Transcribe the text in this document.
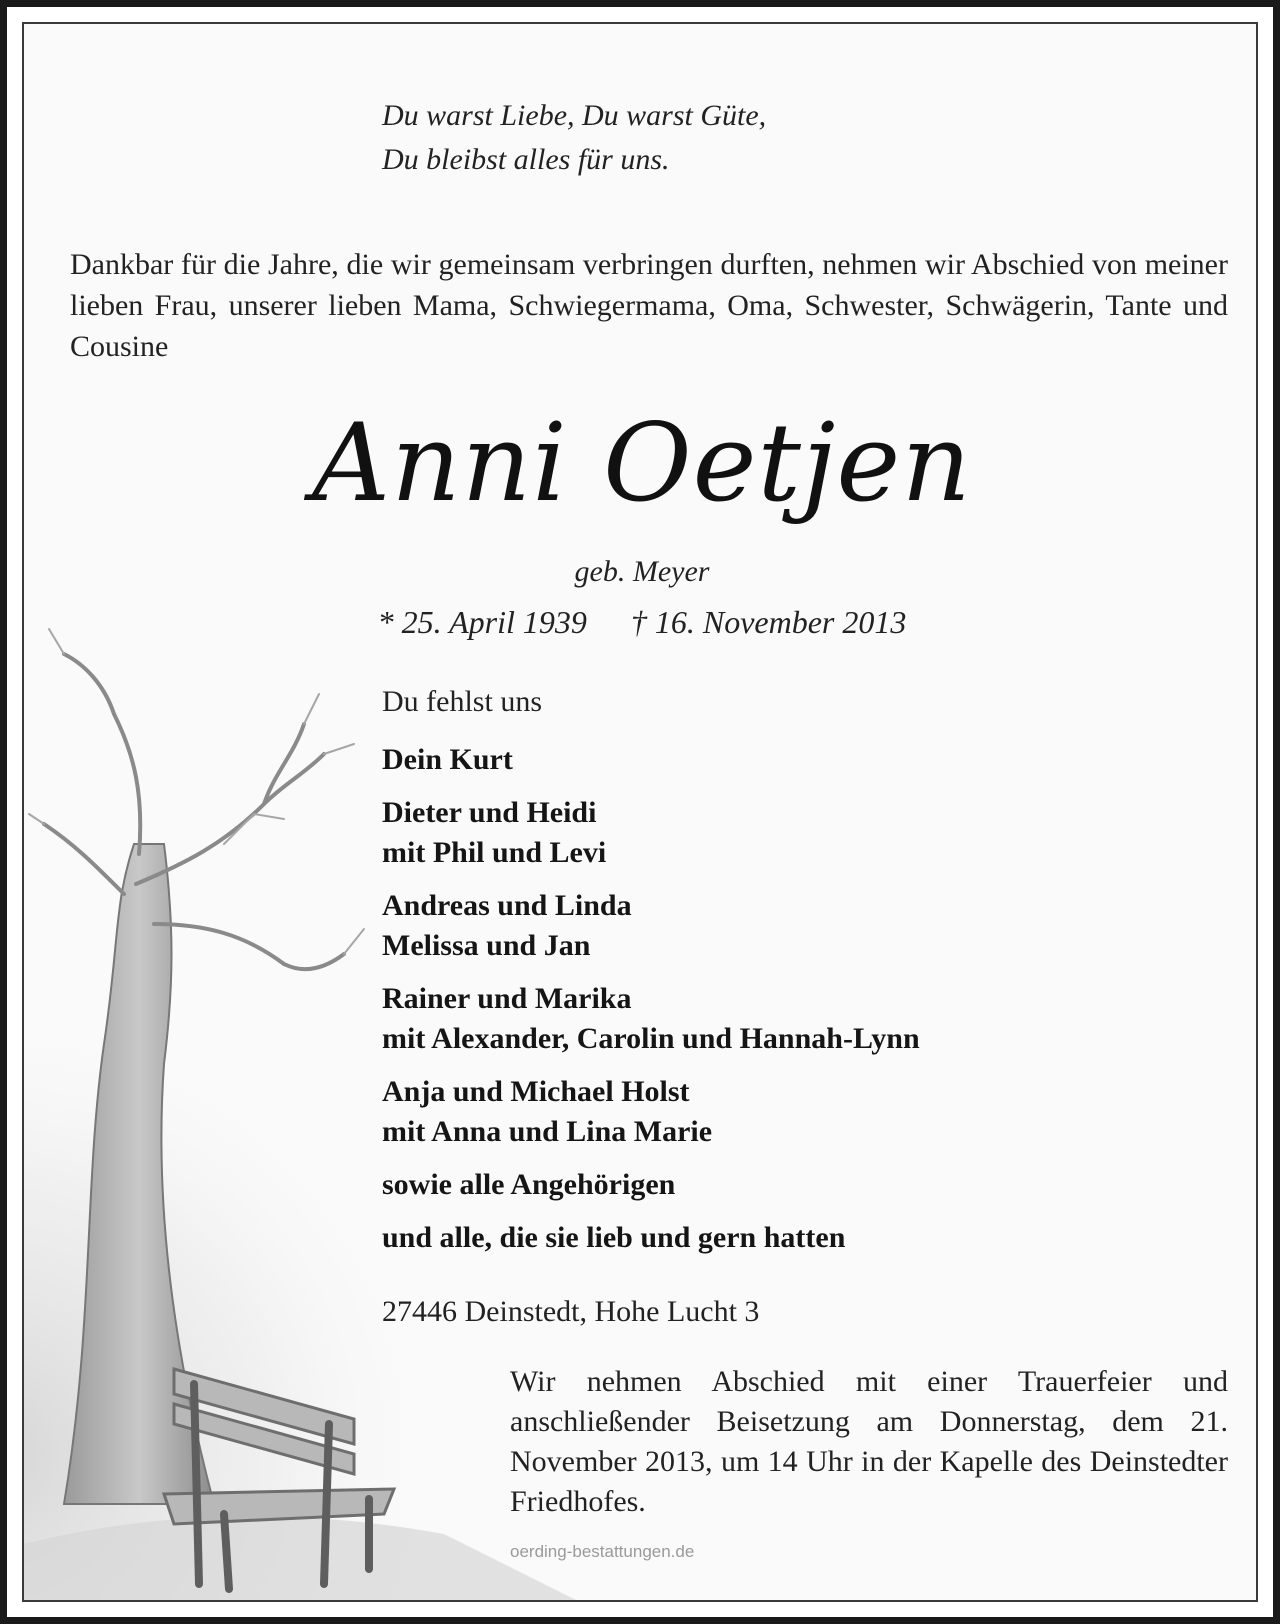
Du warst Liebe, Du warst Güte,
Du bleibst alles für uns.
Dankbar für die Jahre, die wir gemeinsam verbringen durften, nehmen wir Abschied von meiner lieben Frau, unserer lieben Mama, Schwiegermama, Oma, Schwester, Schwägerin, Tante und Cousine
Anni Oetjen
geb. Meyer
* 25. April 1939 † 16. November 2013
Du fehlst uns
Dein Kurt
Dieter und Heidi
mit Phil und Levi
Andreas und Linda
Melissa und Jan
Rainer und Marika
mit Alexander, Carolin und Hannah-Lynn
Anja und Michael Holst
mit Anna und Lina Marie
sowie alle Angehörigen
und alle, die sie lieb und gern hatten
27446 Deinstedt, Hohe Lucht 3
Wir nehmen Abschied mit einer Trauerfeier und anschließender Beisetzung am Donnerstag, dem 21. November 2013, um 14 Uhr in der Kapelle des Deinstedter Friedhofes.
oerding-bestattungen.de
